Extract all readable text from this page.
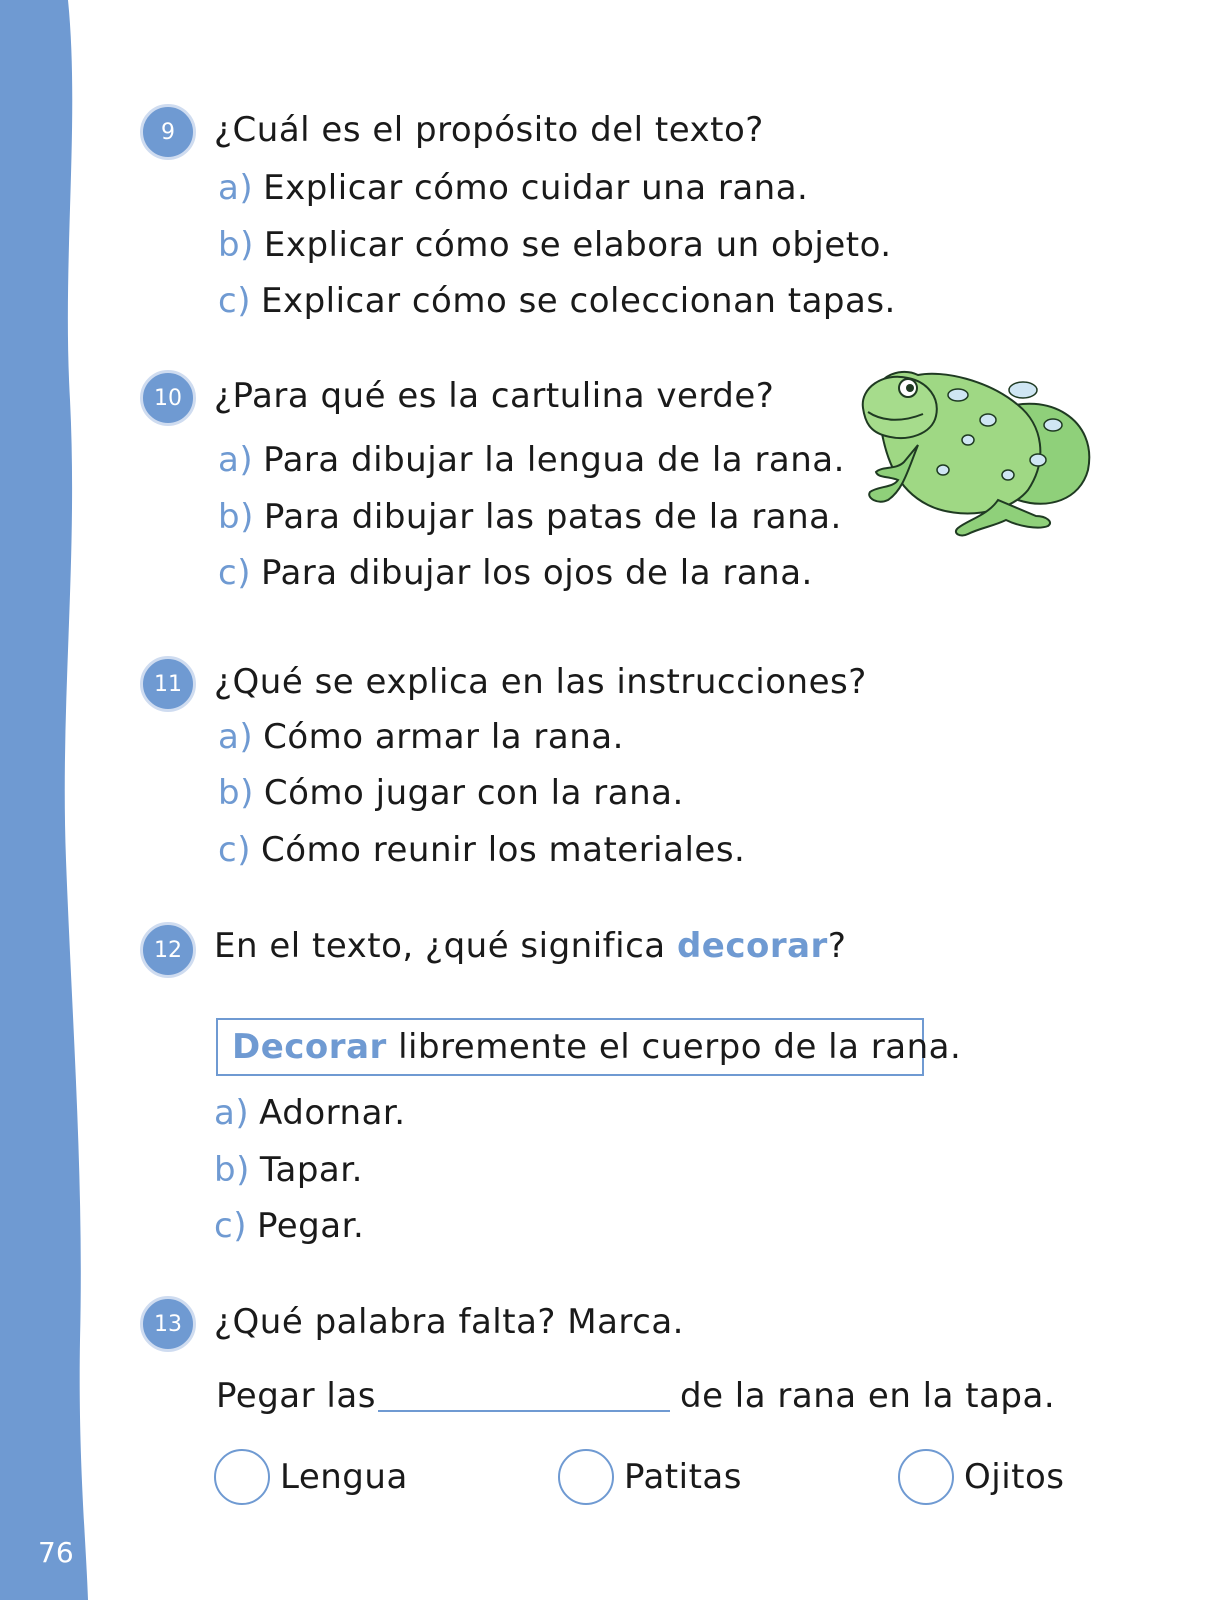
76
9	¿Cuál es el propósito del texto?
a) Explicar cómo cuidar una rana.
b) Explicar cómo se elabora un objeto.
c) Explicar cómo se coleccionan tapas.
10 ¿Para qué es la cartulina verde?
a) Para dibujar la lengua de la rana.
b) Para dibujar las patas de la rana.
c) Para dibujar los ojos de la rana.
11 ¿Qué se explica en las instrucciones?
a) Cómo armar la rana.
b) Cómo jugar con la rana.
c) Cómo reunir los materiales.
12 En el texto, ¿qué significa decorar?
Decorar libremente el cuerpo de la rana.
a) Adornar.
b) Tapar.
c) Pegar.
13 ¿Qué palabra falta? Marca.
Pegar las	de la rana en la tapa.
Lengua	Patitas	Ojitos
